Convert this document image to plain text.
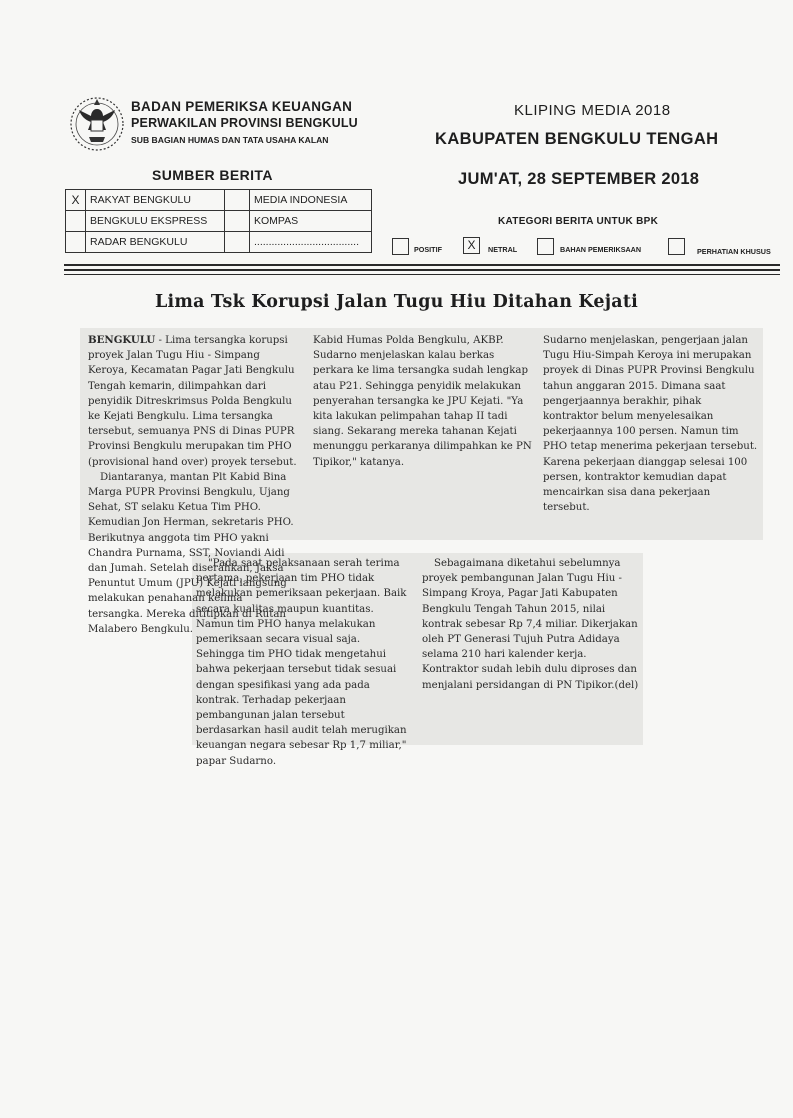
BADAN PEMERIKSA KEUANGAN
PERWAKILAN PROVINSI BENGKULU
SUB BAGIAN HUMAS DAN TATA USAHA KALAN
KLIPING MEDIA 2018
KABUPATEN BENGKULU TENGAH
JUM'AT, 28 SEPTEMBER 2018
SUMBER BERITA
X	RAKYAT BENGKULU		MEDIA INDONESIA
	BENGKULU EKSPRESS		KOMPAS
	RADAR BENGKULU		....................................
KATEGORI BERITA UNTUK BPK
POSITIF	X	NETRAL	BAHAN PEMERIKSAAN	PERHATIAN KHUSUS
Lima Tsk Korupsi Jalan Tugu Hiu Ditahan Kejati

BENGKULU - Lima tersangka korupsi proyek Jalan Tugu Hiu - Simpang Keroya, Kecamatan Pagar Jati Bengkulu Tengah kemarin, dilimpahkan dari penyidik Ditreskrimsus Polda Bengkulu ke Kejati Bengkulu. Lima tersangka tersebut, semuanya PNS di Dinas PUPR Provinsi Bengkulu merupakan tim PHO (provisional hand over) proyek tersebut.

Diantaranya, mantan Plt Kabid Bina Marga PUPR Provinsi Bengkulu, Ujang Sehat, ST selaku Ketua Tim PHO. Kemudian Jon Herman, sekretaris PHO. Berikutnya anggota tim PHO yakni Chandra Purnama, SST, Noviandi Aidi dan Jumah. Setelah diserahkan, Jaksa Penuntut Umum (JPU) Kejati langsung melakukan penahanan kelima tersangka. Mereka dititipkan di Rutan Malabero Bengkulu.

Kabid Humas Polda Bengkulu, AKBP. Sudarno menjelaskan kalau berkas perkara ke lima tersangka sudah lengkap atau P21. Sehingga penyidik melakukan penyerahan tersangka ke JPU Kejati. "Ya kita lakukan pelimpahan tahap II tadi siang. Sekarang mereka tahanan Kejati menunggu perkaranya dilimpahkan ke PN Tipikor," katanya.

Sudarno menjelaskan, pengerjaan jalan Tugu Hiu-Simpah Keroya ini merupakan proyek di Dinas PUPR Provinsi Bengkulu tahun anggaran 2015. Dimana saat pengerjaannya berakhir, pihak kontraktor belum menyelesaikan pekerjaannya 100 persen. Namun tim PHO tetap menerima pekerjaan tersebut. Karena pekerjaan dianggap selesai 100 persen, kontraktor kemudian dapat mencairkan sisa dana pekerjaan tersebut.

"Pada saat pelaksanaan serah terima pertama, pekerjaan tim PHO tidak melakukan pemeriksaan pekerjaan. Baik secara kualitas maupun kuantitas. Namun tim PHO hanya melakukan pemeriksaan secara visual saja. Sehingga tim PHO tidak mengetahui bahwa pekerjaan tersebut tidak sesuai dengan spesifikasi yang ada pada kontrak. Terhadap pekerjaan pembangunan jalan tersebut berdasarkan hasil audit telah merugikan keuangan negara sebesar Rp 1,7 miliar," papar Sudarno.

Sebagaimana diketahui sebelumnya proyek pembangunan Jalan Tugu Hiu -Simpang Kroya, Pagar Jati Kabupaten Bengkulu Tengah Tahun 2015, nilai kontrak sebesar Rp 7,4 miliar. Dikerjakan oleh PT Generasi Tujuh Putra Adidaya selama 210 hari kalender kerja. Kontraktor sudah lebih dulu diproses dan menjalani persidangan di PN Tipikor.(del)
